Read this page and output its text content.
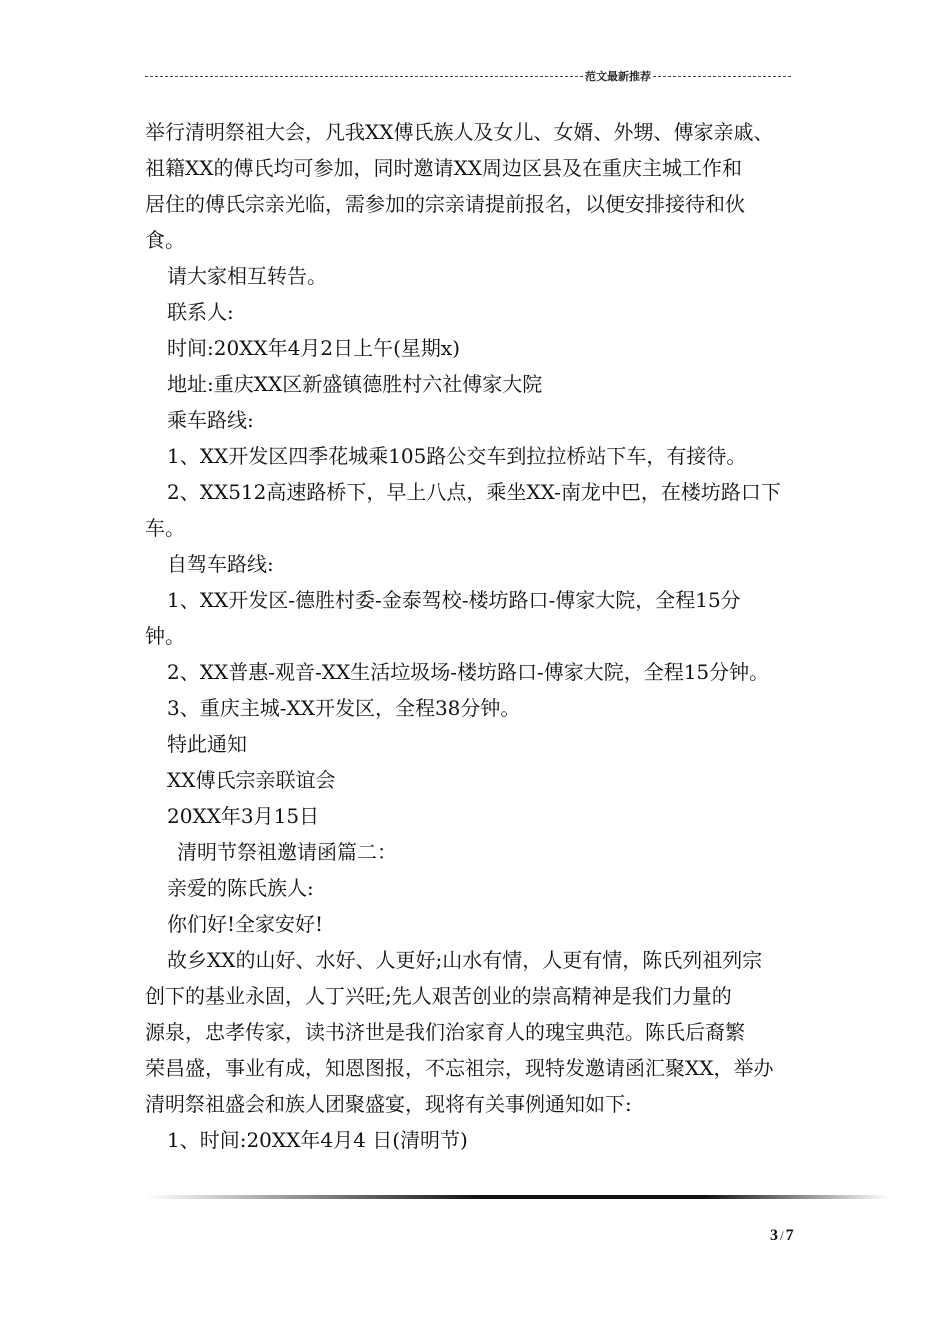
范文最新推荐
举行清明祭祖大会，凡我XX傅氏族人及女儿、女婿、外甥、傅家亲戚、
祖籍XX的傅氏均可参加，同时邀请XX周边区县及在重庆主城工作和
居住的傅氏宗亲光临，需参加的宗亲请提前报名，以便安排接待和伙
食。
请大家相互转告。
联系人:
时间:20XX年4月2日上午(星期x)
地址:重庆XX区新盛镇德胜村六社傅家大院
乘车路线:
1、XX开发区四季花城乘105路公交车到拉拉桥站下车，有接待。
2、XX512高速路桥下，早上八点，乘坐XX-南龙中巴，在楼坊路口下
车。
自驾车路线:
1、XX开发区-德胜村委-金泰驾校-楼坊路口-傅家大院，全程15分
钟。
2、XX普惠-观音-XX生活垃圾场-楼坊路口-傅家大院，全程15分钟。
3、重庆主城-XX开发区，全程38分钟。
特此通知
XX傅氏宗亲联谊会
20XX年3月15日
清明节祭祖邀请函篇二：
亲爱的陈氏族人:
你们好!全家安好!
故乡XX的山好、水好、人更好;山水有情，人更有情，陈氏列祖列宗
创下的基业永固，人丁兴旺;先人艰苦创业的崇高精神是我们力量的
源泉，忠孝传家，读书济世是我们治家育人的瑰宝典范。陈氏后裔繁
荣昌盛，事业有成，知恩图报，不忘祖宗，现特发邀请函汇聚XX，举办
清明祭祖盛会和族人团聚盛宴，现将有关事例通知如下:
1、时间:20XX年4月4 日(清明节)
3 / 7
